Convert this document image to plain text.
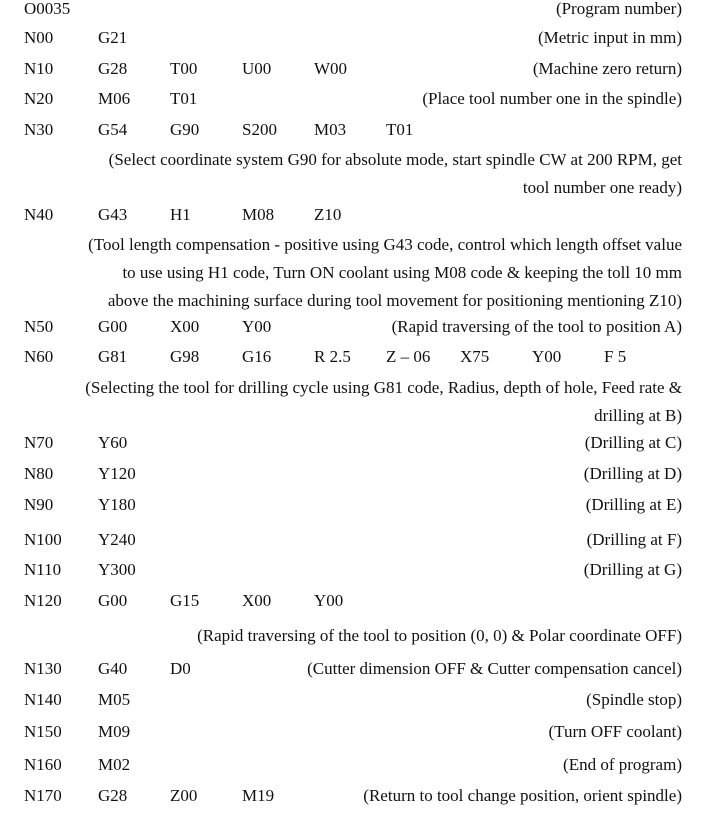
O0035	(Program number)
N00	G21	(Metric input in mm)
N10	G28	T00	U00	W00	(Machine zero return)
N20	M06 T01	(Place tool number one in the spindle)
N30	G54	G90	S200 M03 T01
(Select coordinate system G90 for absolute mode, start spindle CW at 200 RPM, get
tool number one ready)
N40	G43	H1	M08 Z10
(Tool length compensation - positive using G43 code, control which length offset value
to use using H1 code, Turn ON coolant using M08 code & keeping the toll 10 mm
above the machining surface during tool movement for positioning mentioning Z10)
N50	G00	X00	Y00	(Rapid traversing of the tool to position A)
N60	G81	G98	G16	R 2.5 Z – 06 X75	Y00	F 5
(Selecting the tool for drilling cycle using G81 code, Radius, depth of hole, Feed rate &
drilling at B)
N70	Y60	(Drilling at C)
N80	Y120	(Drilling at D)
N90	Y180	(Drilling at E)
N100 Y240	(Drilling at F)
N110 Y300	(Drilling at G)
N120 G00	G15	X00	Y00
(Rapid traversing of the tool to position (0, 0) & Polar coordinate OFF)
N130 G40	D0	(Cutter dimension OFF & Cutter compensation cancel)
N140 M05	(Spindle stop)
N150 M09	(Turn OFF coolant)
N160 M02	(End of program)
N170 G28	Z00	M19	(Return to tool change position, orient spindle)
